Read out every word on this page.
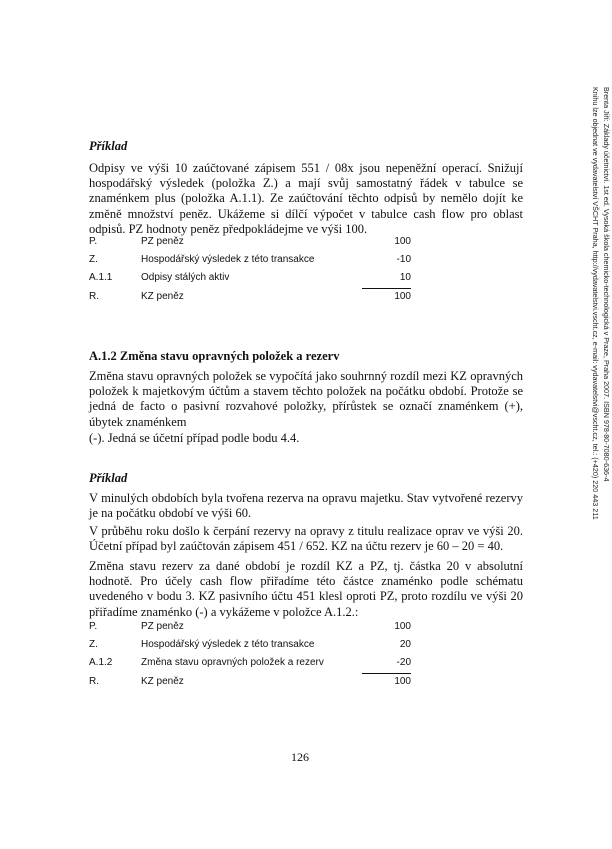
Brenta Jiří: Základy účetnictví. 1st ed. Vysoká škola chemicko-technologická v Praze, Praha 2007. ISBN 978-80-7080-636-4
Knihu lze objednat ve vydavatelství VŠCHT Praha, http://vydavatelstvi.vscht.cz, e-mail: vydavatelstvi@vscht.cz, tel.: (+420) 220 443 211
Příklad
Odpisy ve výši 10 zaúčtované zápisem 551 / 08x jsou nepeněžní operací. Snižují hospodářský výsledek (položka Z.) a mají svůj samostatný řádek v tabulce se znaménkem plus (položka A.1.1). Ze zaúčtování těchto odpisů by nemělo dojít ke změně množství peněz. Ukážeme si dílčí výpočet v tabulce cash flow pro oblast odpisů. PZ hodnoty peněz předpokládejme ve výši 100.
P.	PZ peněz	100
Z.	Hospodářský výsledek z této transakce	-10
A.1.1	Odpisy stálých aktiv	10
R.	KZ peněz	100
A.1.2 Změna stavu opravných položek a rezerv
Změna stavu opravných položek se vypočítá jako souhrnný rozdíl mezi KZ opravných položek k majetkovým účtům a stavem těchto položek na počátku období. Protože se jedná de facto o pasivní rozvahové položky, přírůstek se označí znaménkem (+), úbytek znaménkem
(-). Jedná se účetní případ podle bodu 4.4.
Příklad
V minulých obdobích byla tvořena rezerva na opravu majetku. Stav vytvořené rezervy je na počátku období ve výši 60.
V průběhu roku došlo k čerpání rezervy na opravy z titulu realizace oprav ve výši 20. Účetní případ byl zaúčtován zápisem 451 / 652. KZ na účtu rezerv je 60 – 20 = 40.
Změna stavu rezerv za dané období je rozdíl KZ a PZ, tj. částka 20 v absolutní hodnotě. Pro účely cash flow přiřadíme této částce znaménko podle schématu uvedeného v bodu 3. KZ pasivního účtu 451 klesl oproti PZ, proto rozdílu ve výši 20 přiřadíme znaménko (-) a vykážeme v položce A.1.2.:
P.	PZ peněz	100
Z.	Hospodářský výsledek z této transakce	20
A.1.2	Změna stavu opravných položek a rezerv	-20
R.	KZ peněz	100
126
